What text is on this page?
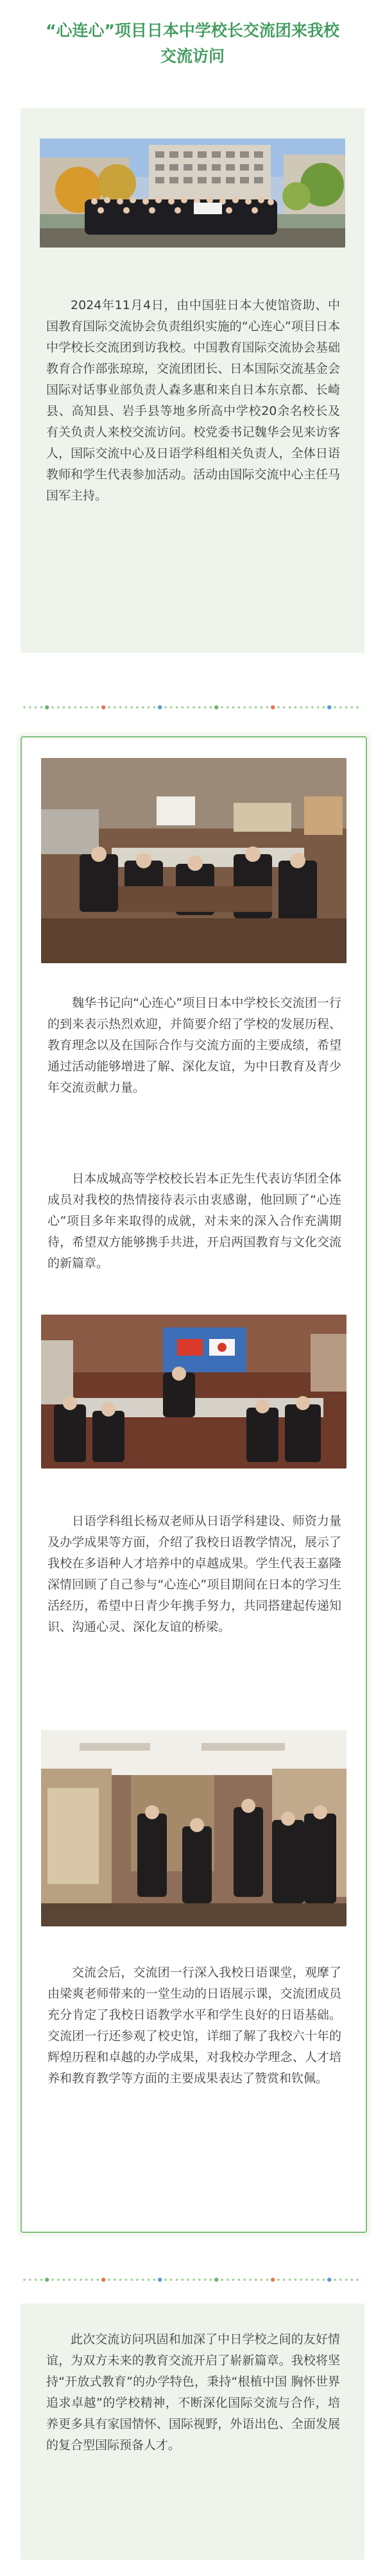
“心连心”项目日本中学校长交流团来我校
交流访问

2024年11月4日，由中国驻日本大使馆资助、中国教育国际交流协会负责组织实施的“心连心”项目日本中学校长交流团到访我校。中国教育国际交流协会基础教育合作部张琼琼，交流团团长、日本国际交流基金会国际对话事业部负责人森多惠和来自日本东京都、长崎县、高知县、岩手县等地多所高中学校20余名校长及有关负责人来校交流访问。校党委书记魏华会见来访客人，国际交流中心及日语学科组相关负责人，全体日语教师和学生代表参加活动。活动由国际交流中心主任马国军主持。

魏华书记向“心连心”项目日本中学校长交流团一行的到来表示热烈欢迎，并简要介绍了学校的发展历程、教育理念以及在国际合作与交流方面的主要成绩，希望通过活动能够增进了解、深化友谊，为中日教育及青少年交流贡献力量。

日本成城高等学校校长岩本正先生代表访华团全体成员对我校的热情接待表示由衷感谢，他回顾了“心连心”项目多年来取得的成就，对未来的深入合作充满期待，希望双方能够携手共进，开启两国教育与文化交流的新篇章。

日语学科组长杨双老师从日语学科建设、师资力量及办学成果等方面，介绍了我校日语教学情况，展示了我校在多语种人才培养中的卓越成果。学生代表王嘉隆深情回顾了自己参与“心连心”项目期间在日本的学习生活经历，希望中日青少年携手努力，共同搭建起传递知识、沟通心灵、深化友谊的桥梁。

交流会后，交流团一行深入我校日语课堂，观摩了由梁爽老师带来的一堂生动的日语展示课，交流团成员充分肯定了我校日语教学水平和学生良好的日语基础。交流团一行还参观了校史馆，详细了解了我校六十年的辉煌历程和卓越的办学成果，对我校办学理念、人才培养和教育教学等方面的主要成果表达了赞赏和钦佩。

此次交流访问巩固和加深了中日学校之间的友好情谊，为双方未来的教育交流开启了崭新篇章。我校将坚持“开放式教育”的办学特色，秉持“根植中国 胸怀世界 追求卓越”的学校精神，不断深化国际交流与合作，培养更多具有家国情怀、国际视野，外语出色、全面发展的复合型国际预备人才。
